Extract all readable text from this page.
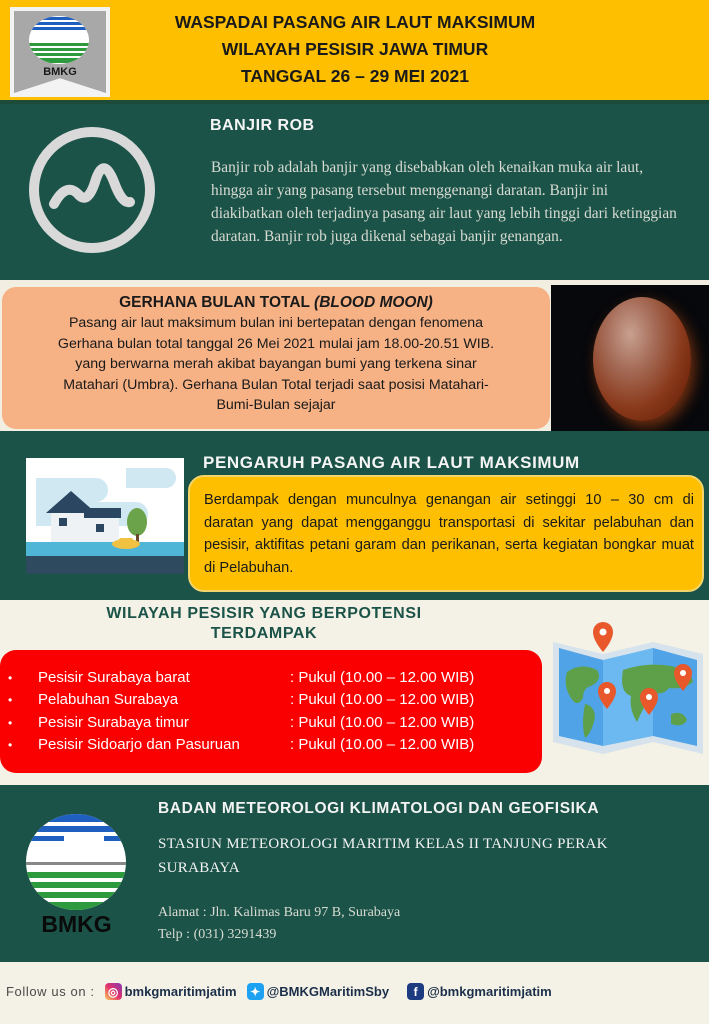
BMKG
WASPADAI PASANG AIR LAUT MAKSIMUM
WILAYAH PESISIR JAWA TIMUR
TANGGAL 26 – 29 MEI 2021
BANJIR ROB
Banjir rob adalah banjir yang disebabkan oleh kenaikan muka air laut, hingga air yang pasang tersebut menggenangi daratan. Banjir ini diakibatkan oleh terjadinya pasang air laut yang lebih tinggi dari ketinggian daratan. Banjir rob juga dikenal sebagai banjir genangan.
GERHANA BULAN TOTAL (BLOOD MOON)
Pasang air laut maksimum bulan ini bertepatan dengan fenomena
Gerhana bulan total tanggal 26 Mei 2021 mulai jam 18.00-20.51 WIB.
yang berwarna merah akibat bayangan bumi yang terkena sinar
Matahari (Umbra). Gerhana Bulan Total terjadi saat posisi Matahari-
Bumi-Bulan sejajar
PENGARUH PASANG AIR LAUT MAKSIMUM
Berdampak dengan munculnya genangan air setinggi 10 – 30 cm di daratan yang dapat mengganggu transportasi di sekitar pelabuhan dan pesisir, aktifitas petani garam dan perikanan, serta kegiatan bongkar muat di Pelabuhan.
WILAYAH PESISIR YANG BERPOTENSI
TERDAMPAK
•	Pesisir Surabaya barat	: Pukul (10.00 – 12.00 WIB)
•	Pelabuhan Surabaya	: Pukul (10.00 – 12.00 WIB)
•	Pesisir Surabaya timur	: Pukul (10.00 – 12.00 WIB)
•	Pesisir Sidoarjo dan Pasuruan	: Pukul (10.00 – 12.00 WIB)
BMKG
BADAN METEOROLOGI KLIMATOLOGI DAN GEOFISIKA
STASIUN METEOROLOGI MARITIM KELAS II TANJUNG PERAK
SURABAYA
Alamat : Jln. Kalimas Baru 97 B, Surabaya
Telp : (031) 3291439
Follow us on : ◎ bmkgmaritimjatim ✦ @BMKGMaritimSby	f @bmkgmaritimjatim
